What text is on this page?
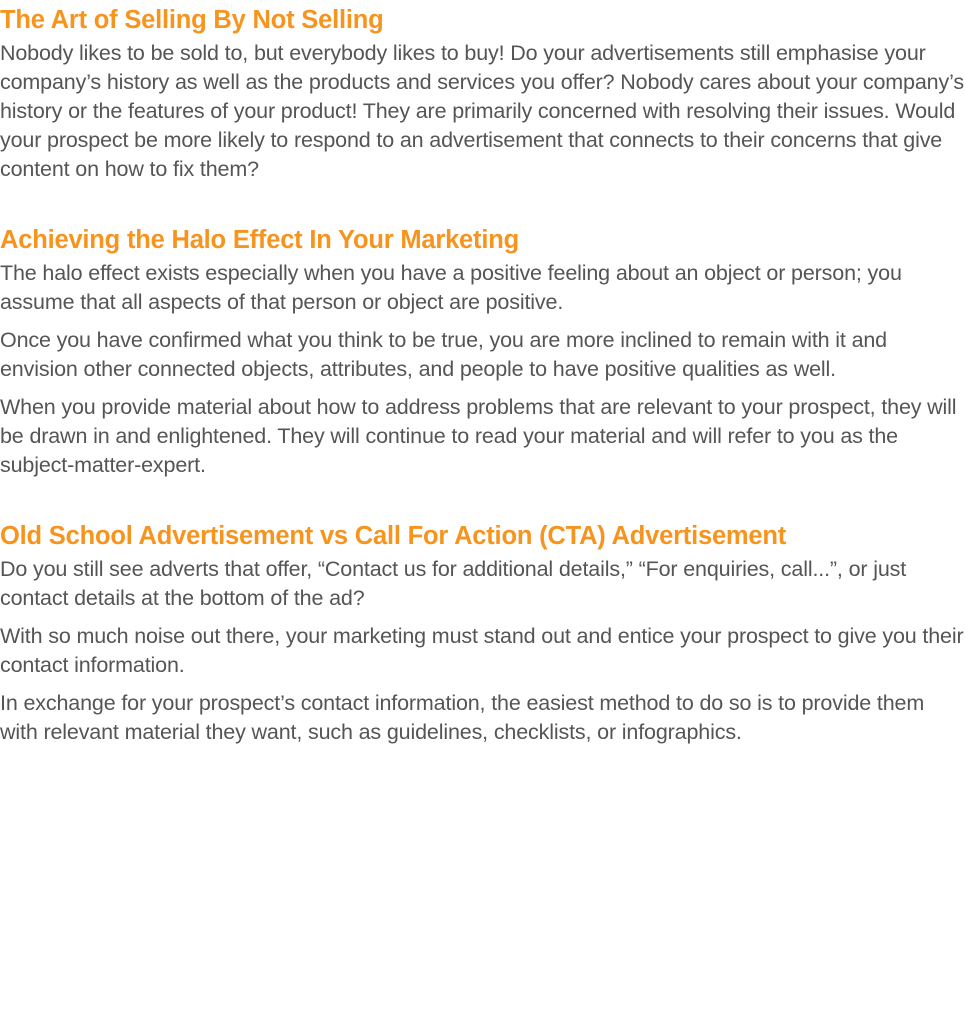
The Art of Selling By Not Selling

Nobody likes to be sold to, but everybody likes to buy! Do your advertisements still emphasise your company’s history as well as the products and services you offer? Nobody cares about your company’s history or the features of your product! They are primarily concerned with resolving their issues. Would your prospect be more likely to respond to an advertisement that connects to their concerns that give content on how to fix them?

Achieving the Halo Effect In Your Marketing

The halo effect exists especially when you have a positive feeling about an object or person; you assume that all aspects of that person or object are positive.

Once you have confirmed what you think to be true, you are more inclined to remain with it and envision other connected objects, attributes, and people to have positive qualities as well.

When you provide material about how to address problems that are relevant to your prospect, they will be drawn in and enlightened. They will continue to read your material and will refer to you as the subject-matter-expert.

Old School Advertisement vs Call For Action (CTA) Advertisement

Do you still see adverts that offer, “Contact us for additional details,” “For enquiries, call...”, or just contact details at the bottom of the ad?

With so much noise out there, your marketing must stand out and entice your prospect to give you their contact information.

In exchange for your prospect’s contact information, the easiest method to do so is to provide them with relevant material they want, such as guidelines, checklists, or infographics.
